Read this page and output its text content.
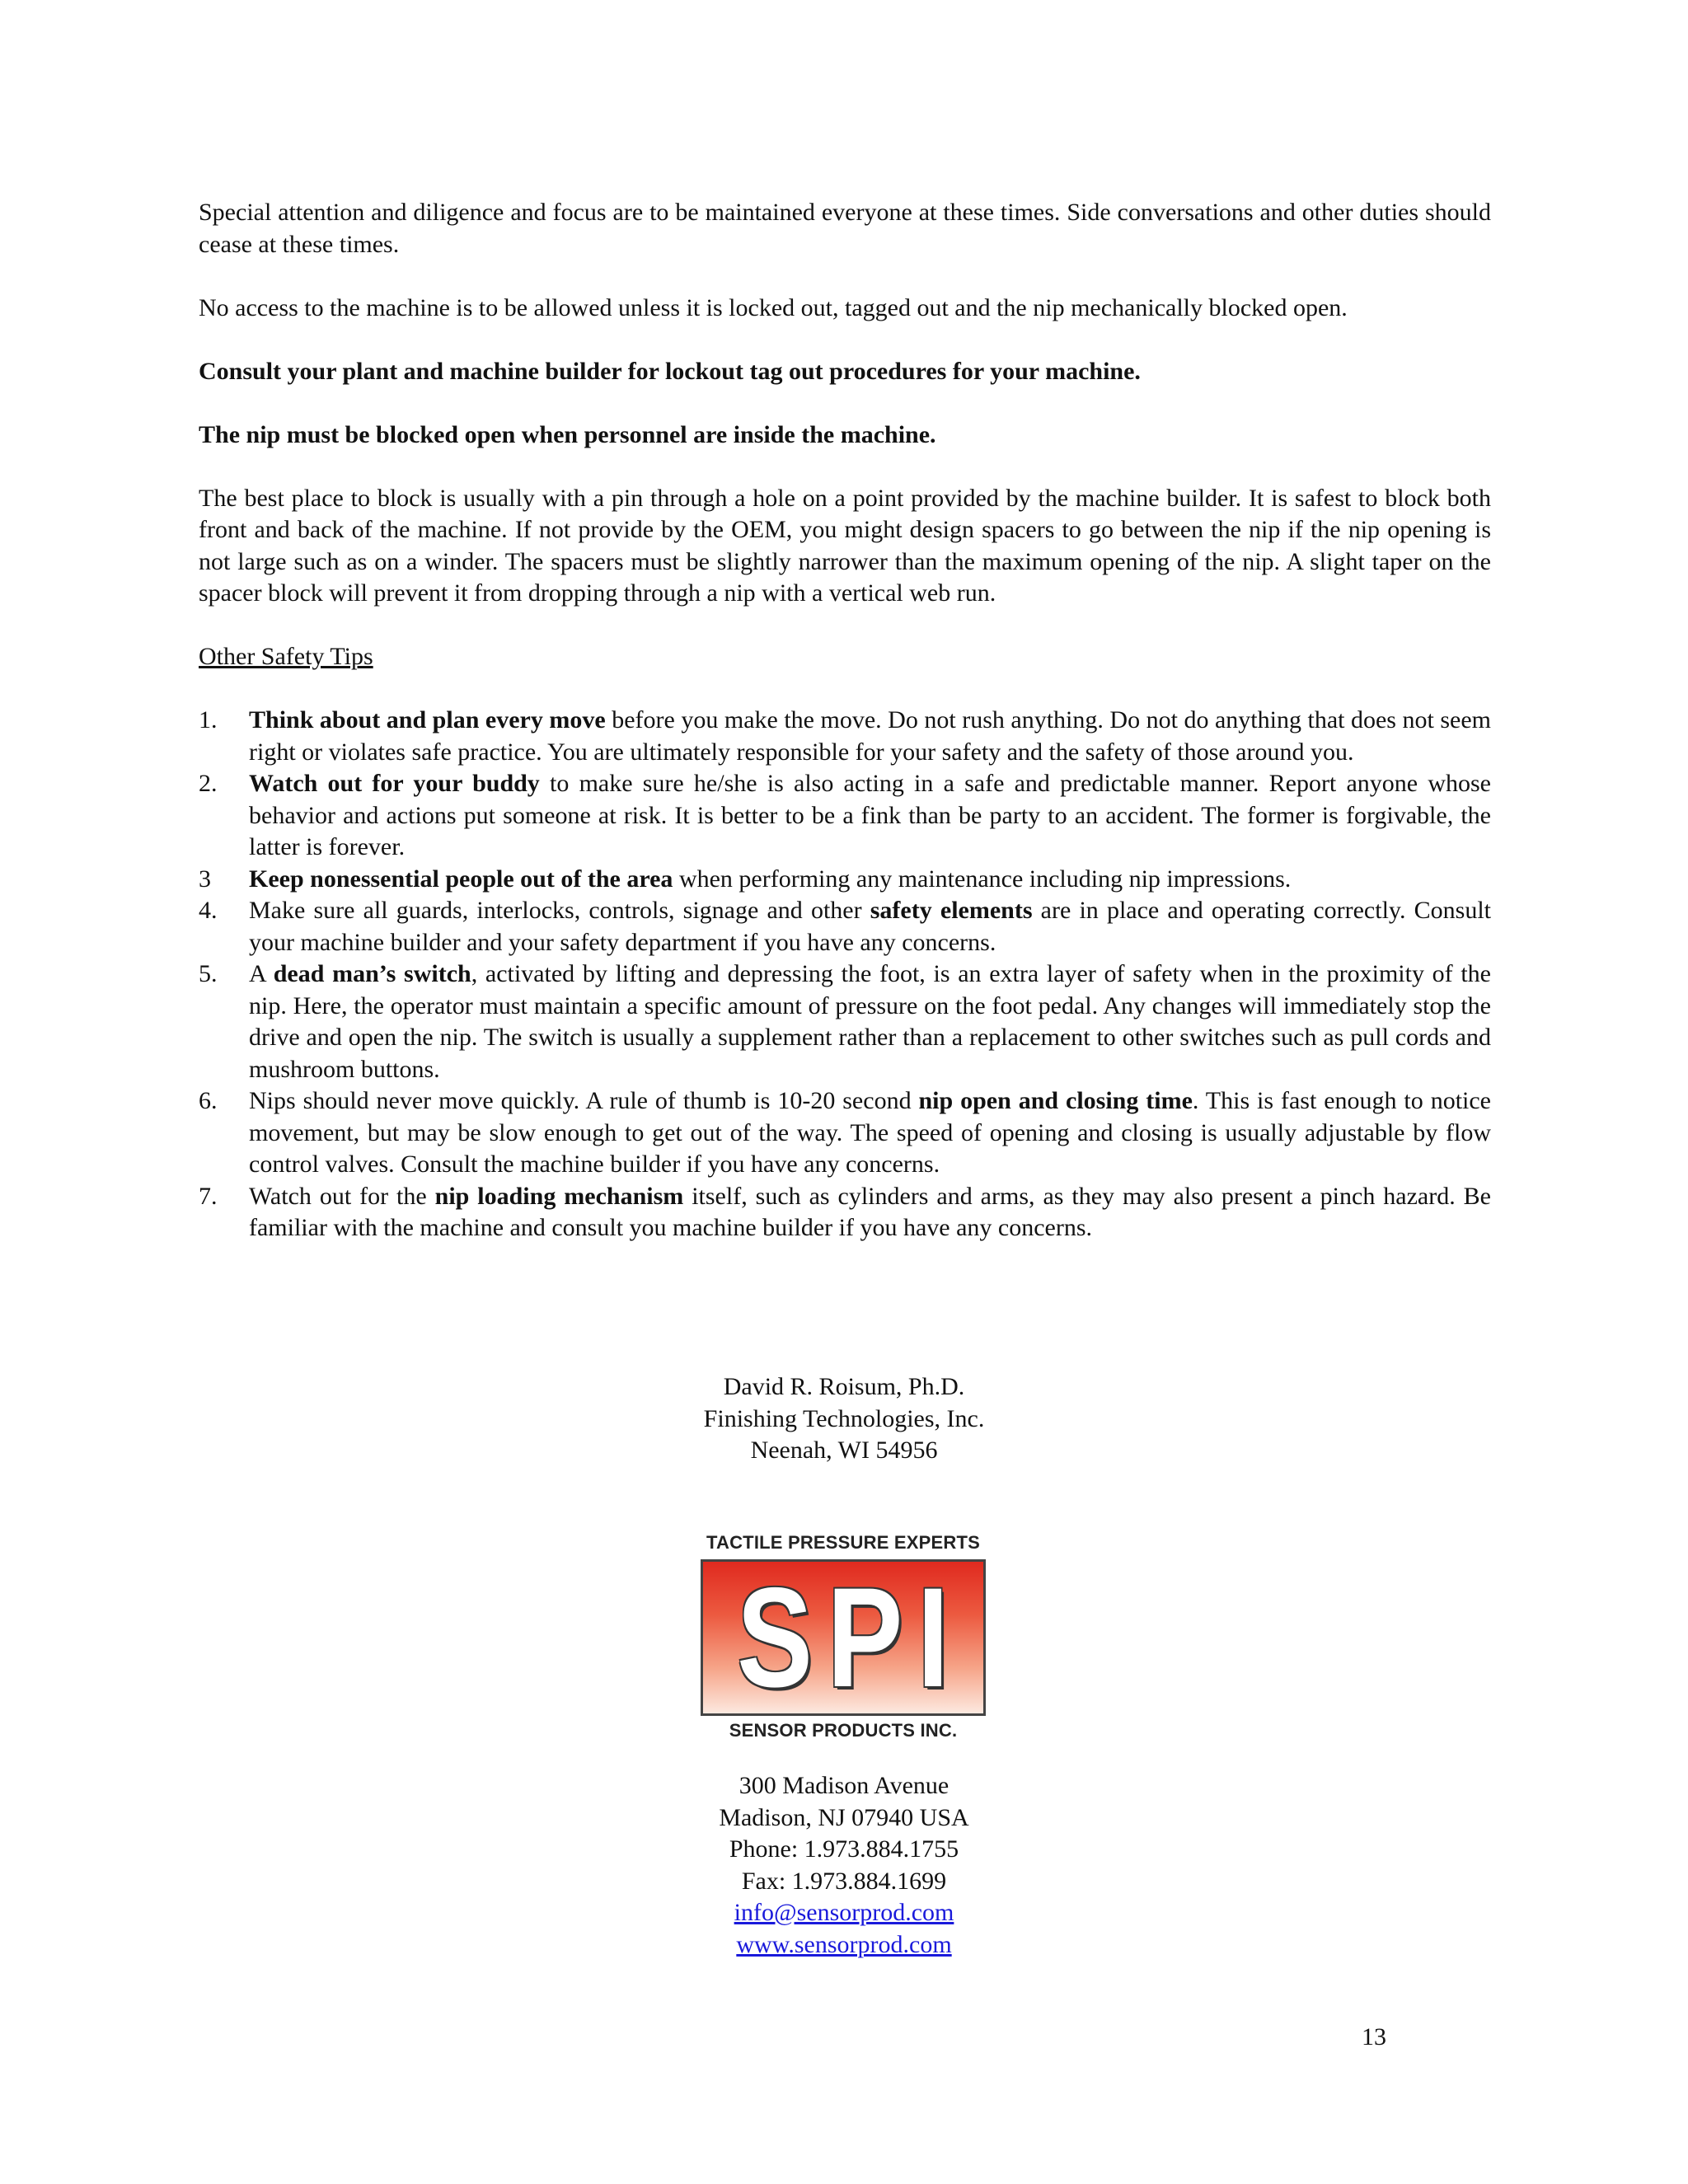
Special attention and diligence and focus are to be maintained everyone at these times. Side conversations and other duties should cease at these times.

No access to the machine is to be allowed unless it is locked out, tagged out and the nip mechanically blocked open.

Consult your plant and machine builder for lockout tag out procedures for your machine.

The nip must be blocked open when personnel are inside the machine.

The best place to block is usually with a pin through a hole on a point provided by the machine builder. It is safest to block both front and back of the machine. If not provide by the OEM, you might design spacers to go between the nip if the nip opening is not large such as on a winder. The spacers must be slightly narrower than the maximum opening of the nip. A slight taper on the spacer block will prevent it from dropping through a nip with a vertical web run.

Other Safety Tips

1. Think about and plan every move before you make the move. Do not rush anything. Do not do anything that does not seem right or violates safe practice. You are ultimately responsible for your safety and the safety of those around you.
2. Watch out for your buddy to make sure he/she is also acting in a safe and predictable manner. Report anyone whose behavior and actions put someone at risk. It is better to be a fink than be party to an accident. The former is forgivable, the latter is forever.
3 Keep nonessential people out of the area when performing any maintenance including nip impressions.
4. Make sure all guards, interlocks, controls, signage and other safety elements are in place and operating correctly. Consult your machine builder and your safety department if you have any concerns.
5. A dead man’s switch, activated by lifting and depressing the foot, is an extra layer of safety when in the proximity of the nip. Here, the operator must maintain a specific amount of pressure on the foot pedal. Any changes will immediately stop the drive and open the nip. The switch is usually a supplement rather than a replacement to other switches such as pull cords and mushroom buttons.
6. Nips should never move quickly. A rule of thumb is 10-20 second nip open and closing time. This is fast enough to notice movement, but may be slow enough to get out of the way. The speed of opening and closing is usually adjustable by flow control valves. Consult the machine builder if you have any concerns.
7. Watch out for the nip loading mechanism itself, such as cylinders and arms, as they may also present a pinch hazard. Be familiar with the machine and consult you machine builder if you have any concerns.
David R. Roisum, Ph.D.
Finishing Technologies, Inc.
Neenah, WI 54956
TACTILE PRESSURE EXPERTS
SPI
SENSOR PRODUCTS INC.
300 Madison Avenue
Madison, NJ 07940 USA
Phone: 1.973.884.1755
Fax: 1.973.884.1699
info@sensorprod.com
www.sensorprod.com
13
